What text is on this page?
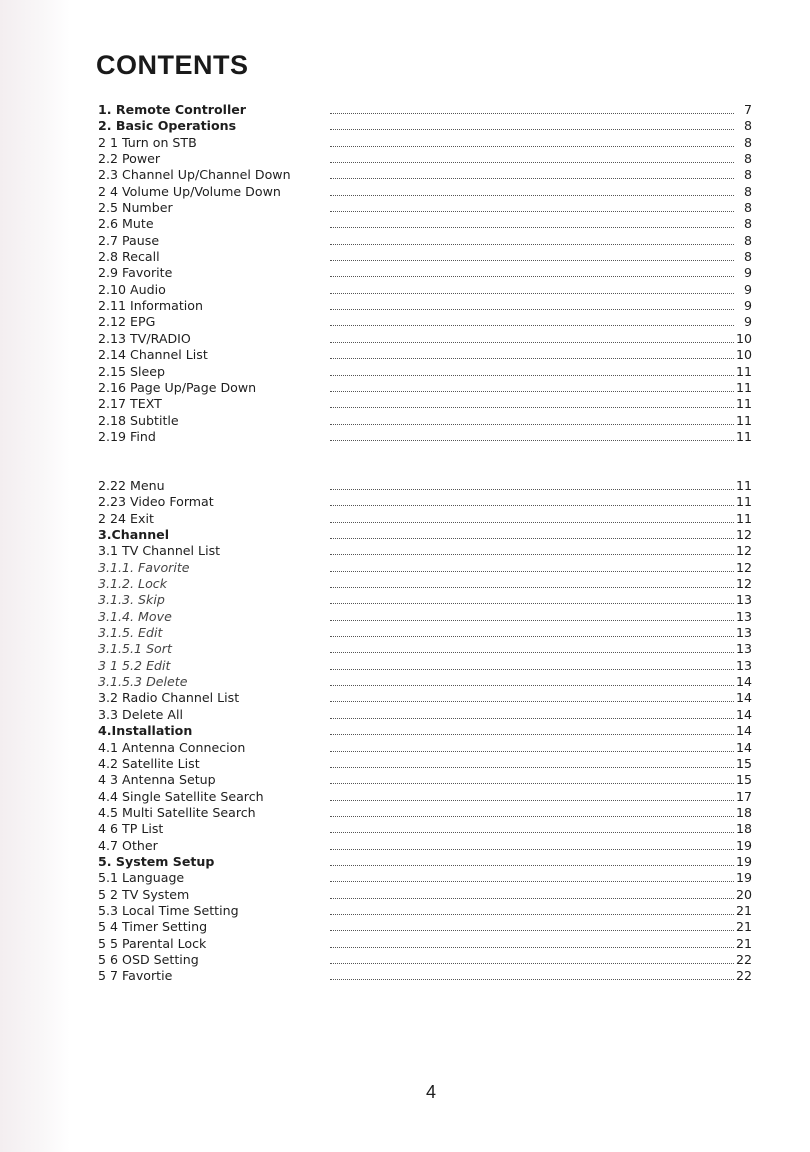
CONTENTS
1. Remote Controller	7
2. Basic Operations	8
2 1 Turn on STB	8
2.2 Power	8
2.3 Channel Up/Channel Down	8
2 4 Volume Up/Volume Down	8
2.5 Number	8
2.6 Mute	8
2.7 Pause	8
2.8 Recall	8
2.9 Favorite	9
2.10 Audio	9
2.11 Information	9
2.12 EPG	9
2.13 TV/RADIO	10
2.14 Channel List	10
2.15 Sleep	11
2.16 Page Up/Page Down	11
2.17 TEXT	11
2.18 Subtitle	11
2.19 Find	11
2.22 Menu	11
2.23 Video Format	11
2 24 Exit	11
3.Channel	12
3.1 TV Channel List	12
3.1.1. Favorite	12
3.1.2. Lock	12
3.1.3. Skip	13
3.1.4. Move	13
3.1.5. Edit	13
3.1.5.1 Sort	13
3 1 5.2 Edit	13
3.1.5.3 Delete	14
3.2 Radio Channel List	14
3.3 Delete All	14
4.Installation	14
4.1 Antenna Connecion	14
4.2 Satellite List	15
4 3 Antenna Setup	15
4.4 Single Satellite Search	17
4.5 Multi Satellite Search	18
4 6 TP List	18
4.7 Other	19
5. System Setup	19
5.1 Language	19
5 2 TV System	20
5.3 Local Time Setting	21
5 4 Timer Setting	21
5 5 Parental Lock	21
5 6 OSD Setting	22
5 7 Favortie	22
4
